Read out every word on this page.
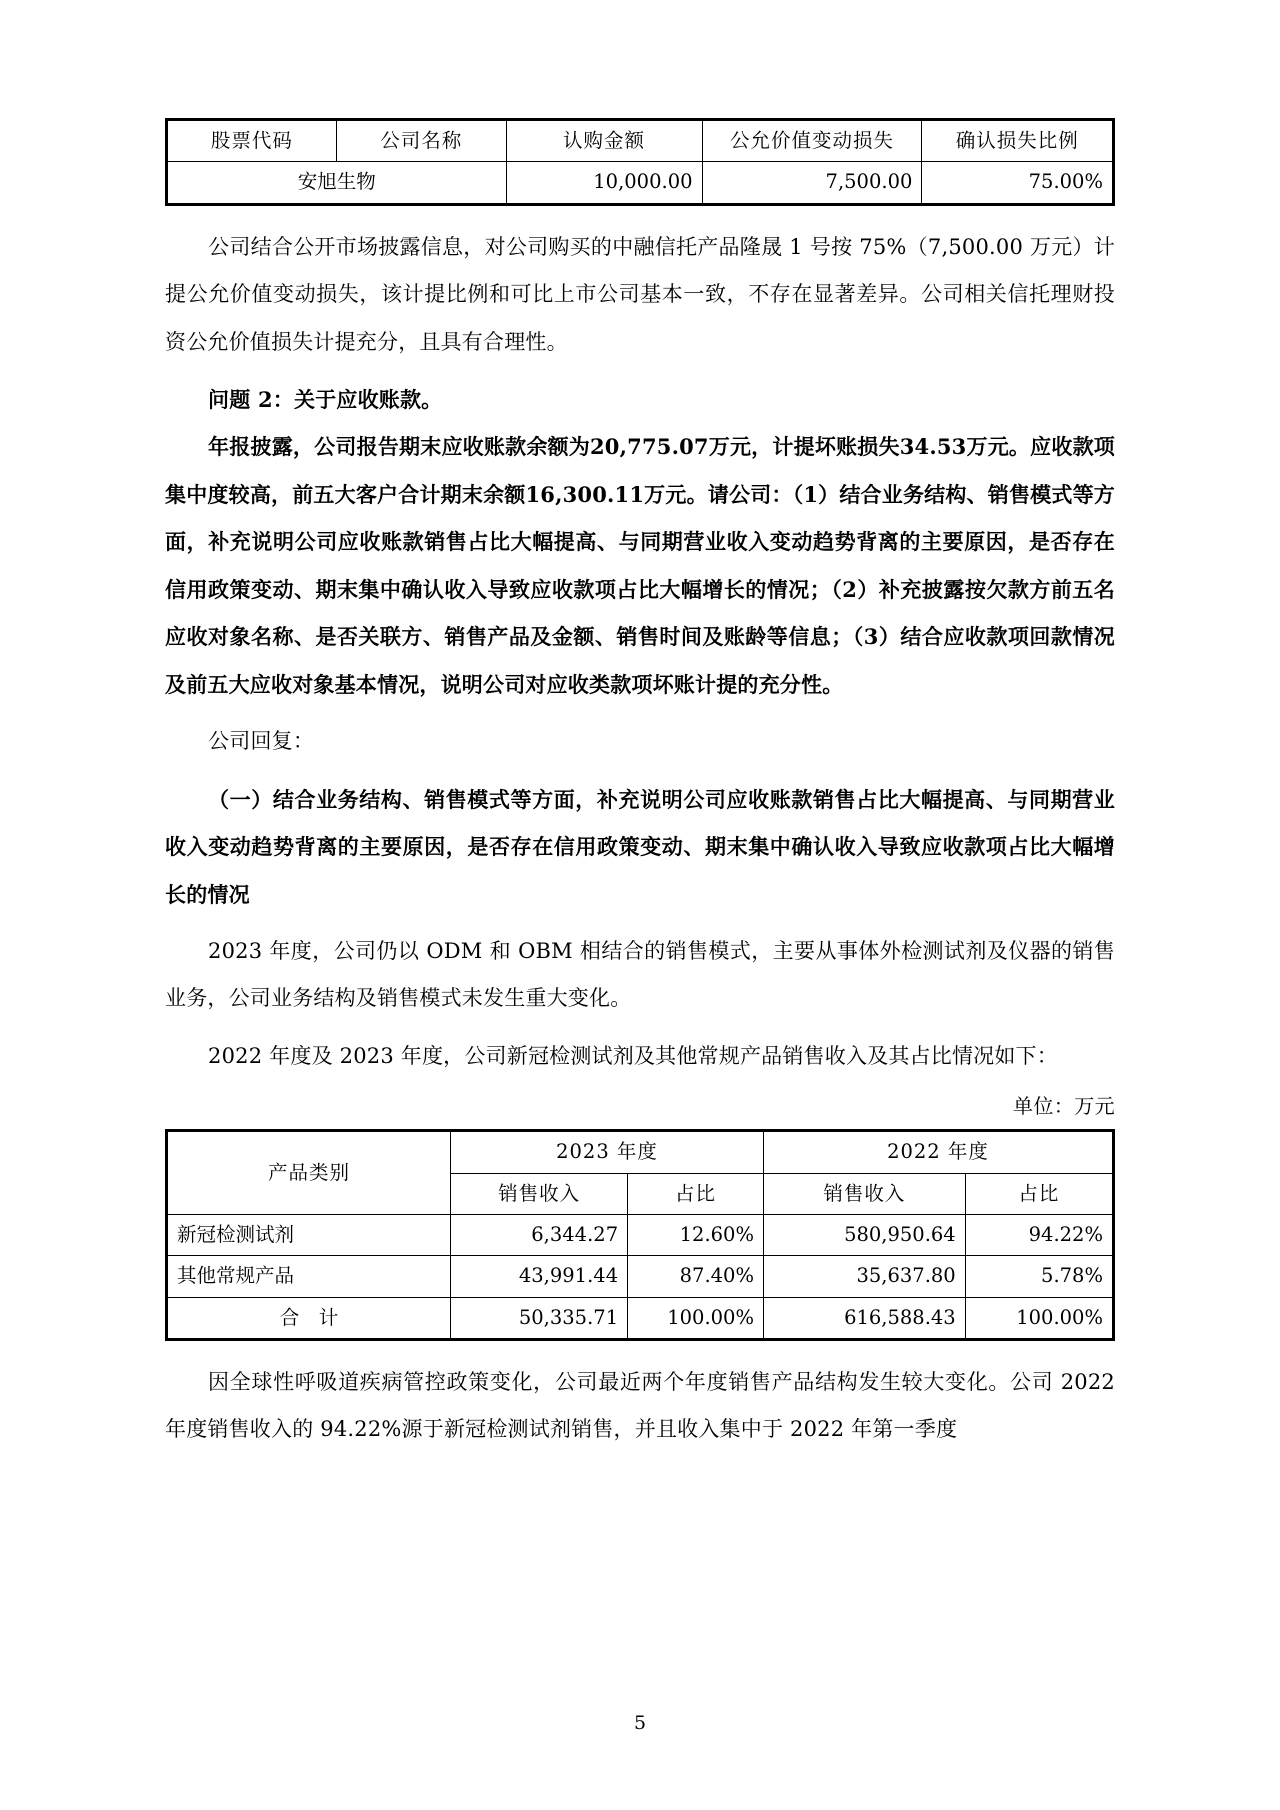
股票代码	公司名称	认购金额	公允价值变动损失	确认损失比例
安旭生物		10,000.00	7,500.00	75.00%

公司结合公开市场披露信息，对公司购买的中融信托产品隆晟 1 号按 75%（7,500.00 万元）计提公允价值变动损失，该计提比例和可比上市公司基本一致，不存在显著差异。公司相关信托理财投资公允价值损失计提充分，且具有合理性。

问题 2：关于应收账款。

年报披露，公司报告期末应收账款余额为20,775.07万元，计提坏账损失34.53万元。应收款项集中度较高，前五大客户合计期末余额16,300.11万元。请公司：（1）结合业务结构、销售模式等方面，补充说明公司应收账款销售占比大幅提高、与同期营业收入变动趋势背离的主要原因，是否存在信用政策变动、期末集中确认收入导致应收款项占比大幅增长的情况；（2）补充披露按欠款方前五名应收对象名称、是否关联方、销售产品及金额、销售时间及账龄等信息；（3）结合应收款项回款情况及前五大应收对象基本情况，说明公司对应收类款项坏账计提的充分性。

公司回复：

（一）结合业务结构、销售模式等方面，补充说明公司应收账款销售占比大幅提高、与同期营业收入变动趋势背离的主要原因，是否存在信用政策变动、期末集中确认收入导致应收款项占比大幅增长的情况

2023 年度，公司仍以 ODM 和 OBM 相结合的销售模式，主要从事体外检测试剂及仪器的销售业务，公司业务结构及销售模式未发生重大变化。

2022 年度及 2023 年度，公司新冠检测试剂及其他常规产品销售收入及其占比情况如下：

单位：万元
产品类别	2023 年度		2022 年度	
	销售收入	占比	销售收入	占比
新冠检测试剂	6,344.27	12.60%	580,950.64	94.22%
其他常规产品	43,991.44	87.40%	35,637.80	5.78%
合　计	50,335.71	100.00%	616,588.43	100.00%

因全球性呼吸道疾病管控政策变化，公司最近两个年度销售产品结构发生较大变化。公司 2022 年度销售收入的 94.22%源于新冠检测试剂销售，并且收入集中于 2022 年第一季度

5
